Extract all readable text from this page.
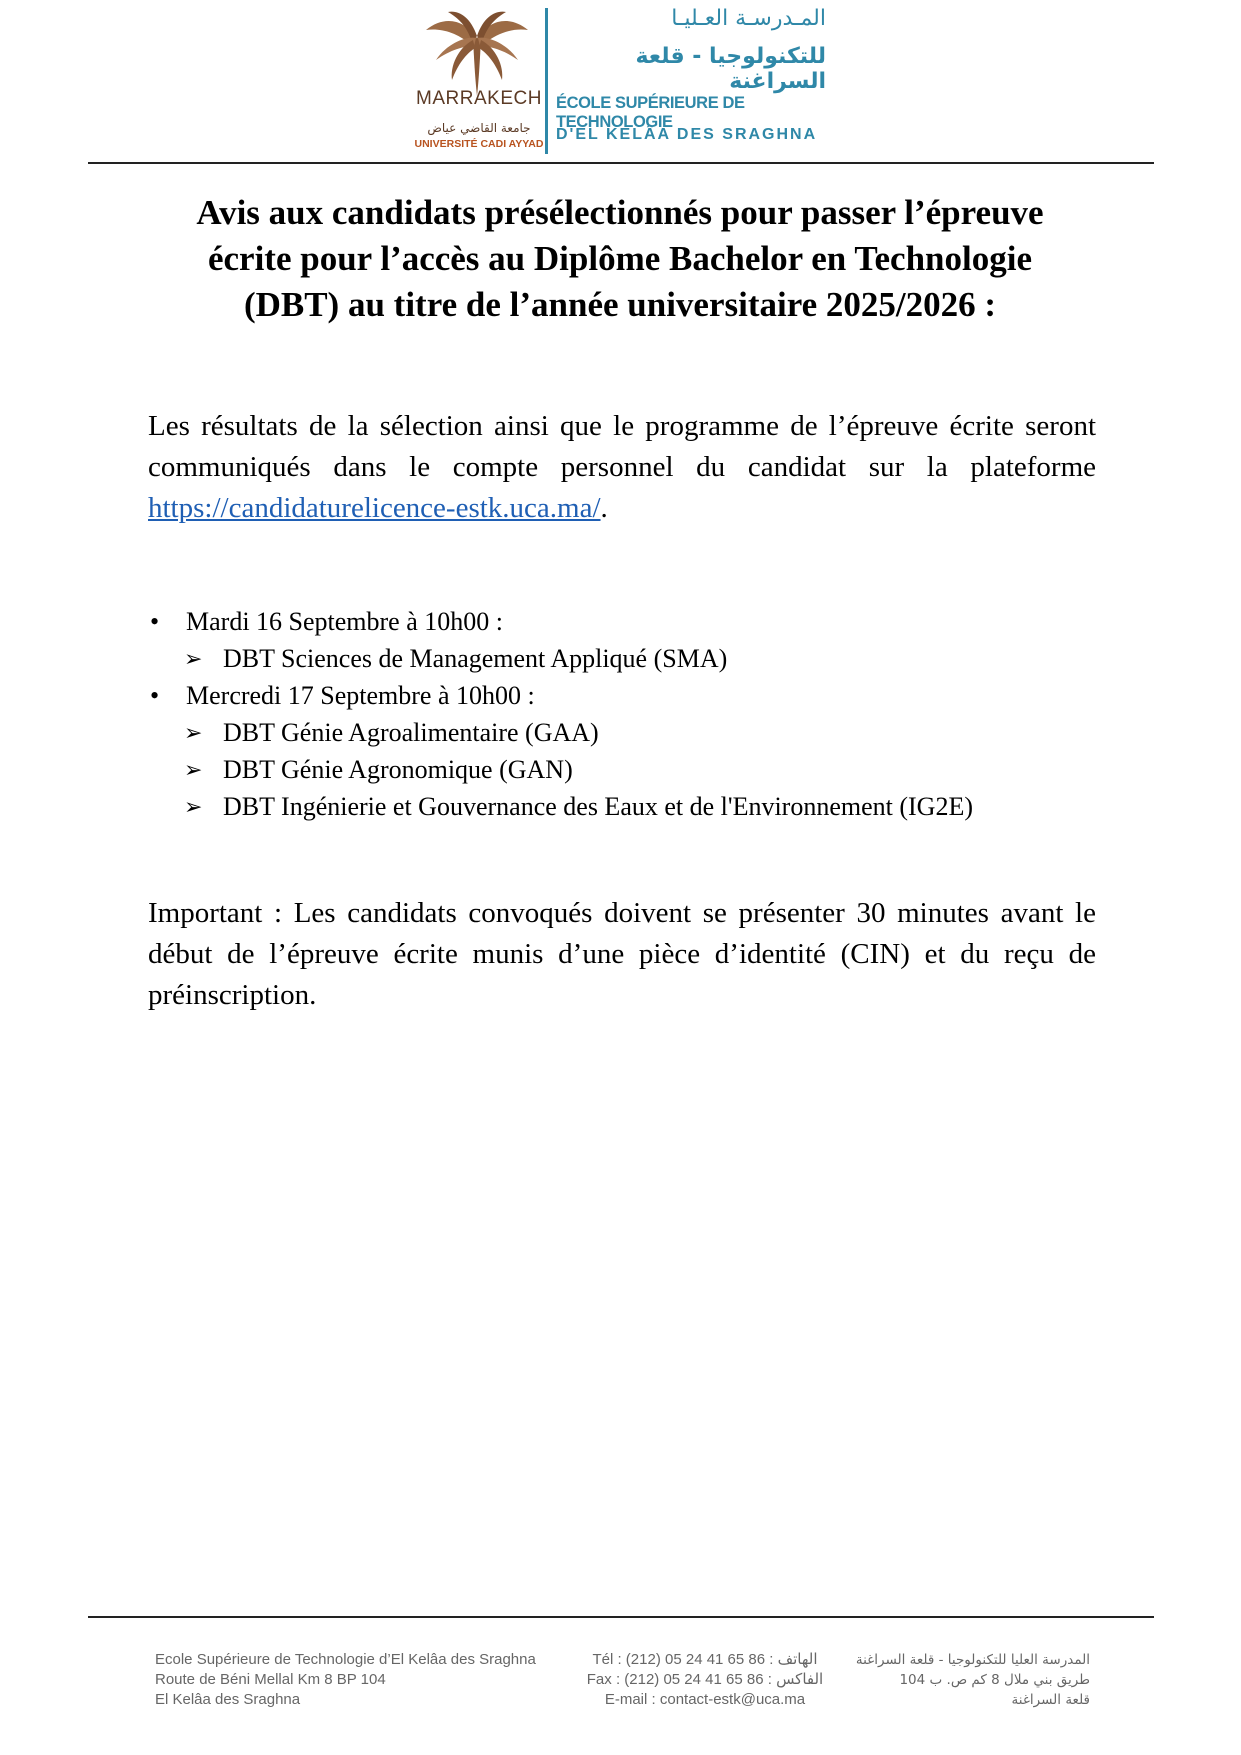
MARRAKECH
جامعة القاضي عياض
UNIVERSITÉ CADI AYYAD
المـدرسـة العـليـا
للتكنولوجيا - قلعة السراغنة
ÉCOLE SUPÉRIEURE DE TECHNOLOGIE
D'EL KELÂA DES SRAGHNA
Avis aux candidats présélectionnés pour passer l’épreuve
écrite pour l’accès au Diplôme Bachelor en Technologie
(DBT) au titre de l’année universitaire 2025/2026 :
Les résultats de la sélection ainsi que le programme de l’épreuve écrite seront communiqués dans le compte personnel du candidat sur la plateforme https://candidaturelicence-estk.uca.ma/.
• Mardi 16 Septembre à 10h00 :
➢ DBT Sciences de Management Appliqué (SMA)
• Mercredi 17 Septembre à 10h00 :
➢ DBT Génie Agroalimentaire (GAA)
➢ DBT Génie Agronomique (GAN)
➢ DBT Ingénierie et Gouvernance des Eaux et de l'Environnement (IG2E)
Important : Les candidats convoqués doivent se présenter 30 minutes avant le début de l’épreuve écrite munis d’une pièce d’identité (CIN) et du reçu de préinscription.
Ecole Supérieure de Technologie d’El Kelâa des Sraghna
Route de Béni Mellal Km 8 BP 104
El Kelâa des Sraghna
Tél : (212) 05 24 41 65 86 : الهاتف
Fax : (212) 05 24 41 65 86 : الفاكس
E-mail : contact-estk@uca.ma
المدرسة العليا للتكنولوجيا - قلعة السراغنة
طريق بني ملال 8 كم ص. ب 104
قلعة السراغنة
